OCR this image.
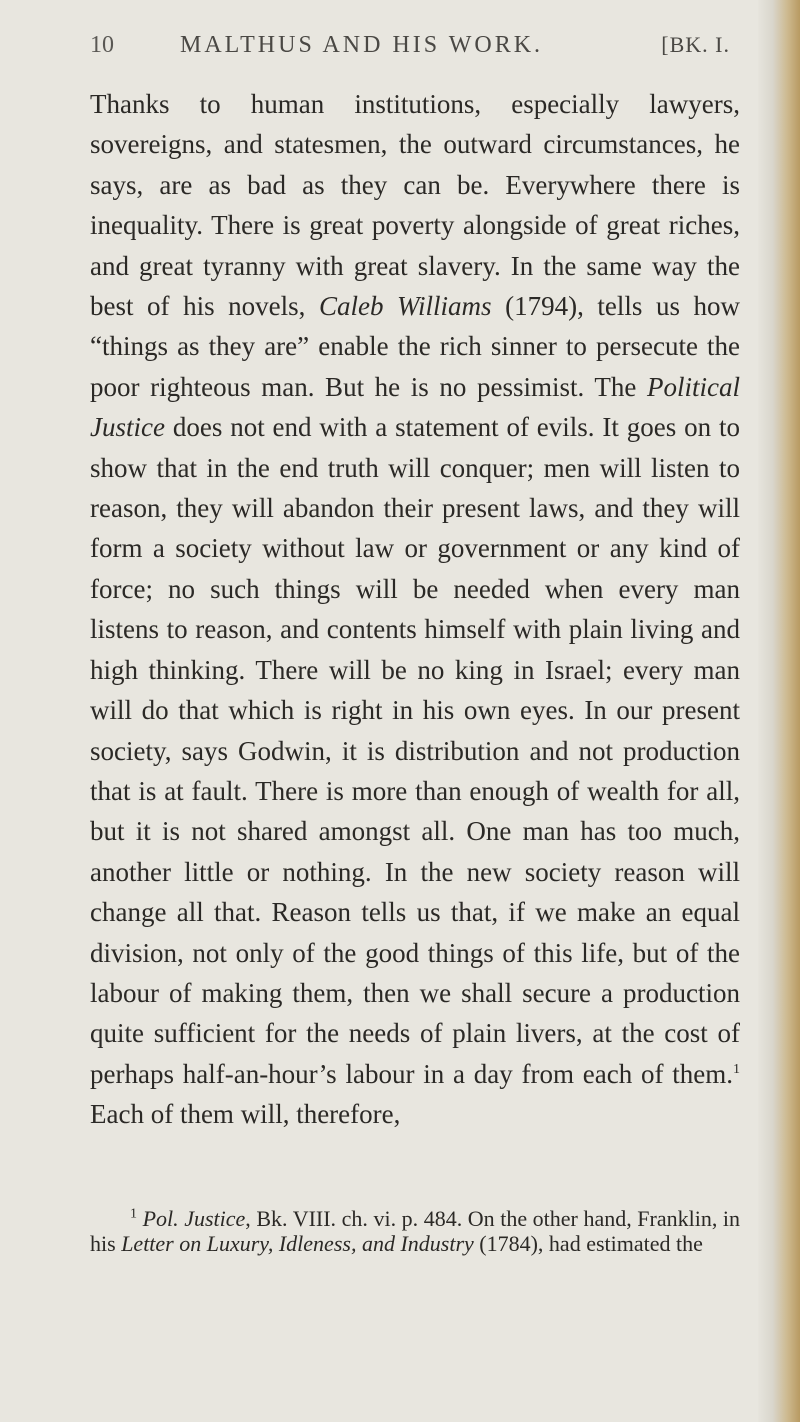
10	MALTHUS AND HIS WORK.	[BK. I.

Thanks to human institutions, especially lawyers, sovereigns, and statesmen, the outward circumstances, he says, are as bad as they can be. Everywhere there is inequality. There is great poverty alongside of great riches, and great tyranny with great slavery. In the same way the best of his novels, Caleb Williams (1794), tells us how “things as they are” enable the rich sinner to persecute the poor righteous man. But he is no pessimist. The Political Justice does not end with a statement of evils. It goes on to show that in the end truth will conquer; men will listen to reason, they will abandon their present laws, and they will form a society without law or government or any kind of force; no such things will be needed when every man listens to reason, and contents himself with plain living and high thinking. There will be no king in Israel; every man will do that which is right in his own eyes. In our present society, says Godwin, it is distribution and not production that is at fault. There is more than enough of wealth for all, but it is not shared amongst all. One man has too much, another little or nothing. In the new society reason will change all that. Reason tells us that, if we make an equal division, not only of the good things of this life, but of the labour of making them, then we shall secure a production quite sufficient for the needs of plain livers, at the cost of perhaps half-an-hour’s labour in a day from each of them.$^1$ Each of them will, therefore,

$^1$ Pol. Justice, Bk. VIII. ch. vi. p. 484. On the other hand, Franklin, in his Letter on Luxury, Idleness, and Industry (1784), had estimated the
